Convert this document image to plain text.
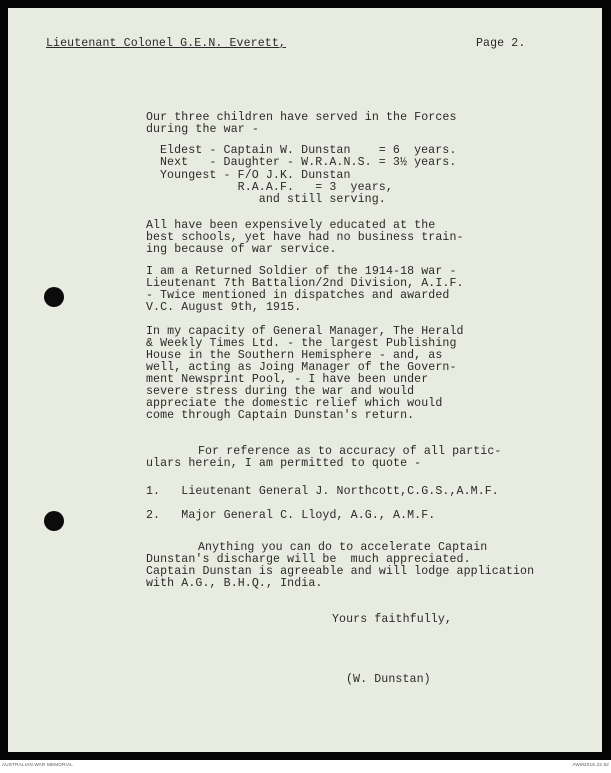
Lieutenant Colonel G.E.N. Everett,	Page 2.
Our three children have served in the Forces
during the war -
Eldest - Captain W. Dunstan    = 6  years.
Next   - Daughter - W.R.A.N.S. = 3½ years.
Youngest - F/O J.K. Dunstan
R.A.A.F.   = 3  years,
and still serving.
All have been expensively educated at the
best schools, yet have had no business train-
ing because of war service.
I am a Returned Soldier of the 1914-18 war -
Lieutenant 7th Battalion/2nd Division, A.I.F.
- Twice mentioned in dispatches and awarded
V.C. August 9th, 1915.
In my capacity of General Manager, The Herald
& Weekly Times Ltd. - the largest Publishing
House in the Southern Hemisphere - and, as
well, acting as Joing Manager of the Govern-
ment Newsprint Pool, - I have been under
severe stress during the war and would
appreciate the domestic relief which would
come through Captain Dunstan's return.
For reference as to accuracy of all partic-
ulars herein, I am permitted to quote -
1.   Lieutenant General J. Northcott,C.G.S.,A.M.F.
2.   Major General C. Lloyd, A.G., A.M.F.
Anything you can do to accelerate Captain
Dunstan's discharge will be  much appreciated.
Captain Dunstan is agreeable and will lodge application
with A.G., B.H.Q., India.
Yours faithfully,
(W. Dunstan)
AUSTRALIAN WAR MEMORIAL	AWM2016.22.82
